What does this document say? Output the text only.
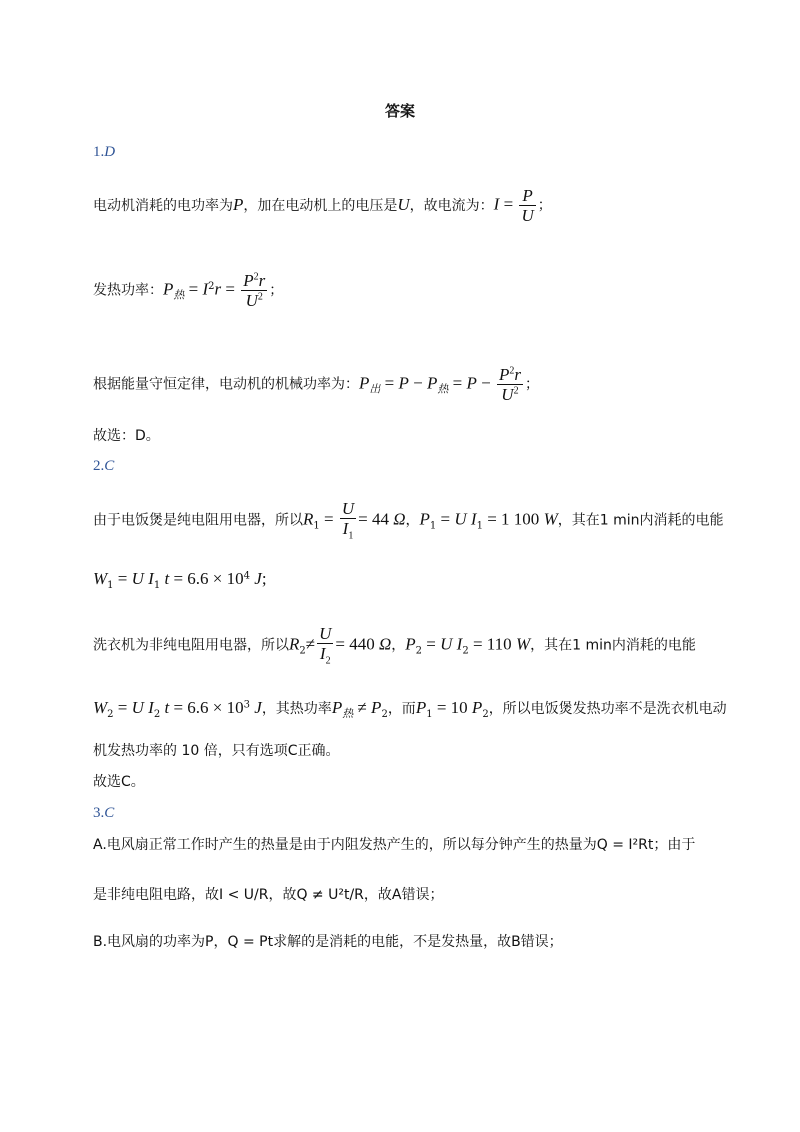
答案
1.D
电动机消耗的电功率为P，加在电动机上的电压是U，故电流为：$I = \frac{P}{U}$ ；
发热功率：$P_热 = I^2r = \frac{P^2r}{U^2}$ ；
根据能量守恒定律，电动机的机械功率为：$P_出 = P - P_热 = P - \frac{P^2r}{U^2}$ ；
故选：D。
2.C
由于电饭煲是纯电阻用电器，所以$R_1 = \frac{U}{I_1} = 44$ Ω，$P_1 = U$ $I_1 = 1$ 100 W，其在1 min内消耗的电能
$W_1 = U$ $I_1$ $t = 6.6 \times 10^4$ J;
洗衣机为非纯电阻用电器，所以$R_2\ne \frac{U}{I_2} = 440$ Ω，$P_2 = U$ $I_2 = 110$ W，其在1 min内消耗的电能
$W_2 = U$ $I_2$ $t = 6.6 \times 10^3$ J，其热功率$P_热 \ne P_2$，而$P_1 = 10$ $P_2$，所以电饭煲发热功率不是洗衣机电动
机发热功率的 10 倍，只有选项C正确。
故选C。
3.C
A.电风扇正常工作时产生的热量是由于内阻发热产生的，所以每分钟产生的热量为Q = I²Rt；由于
是非纯电阻电路，故I < U/R，故Q ≠ U²t/R，故A错误；
B.电风扇的功率为P，Q = Pt求解的是消耗的电能，不是发热量，故B错误；
